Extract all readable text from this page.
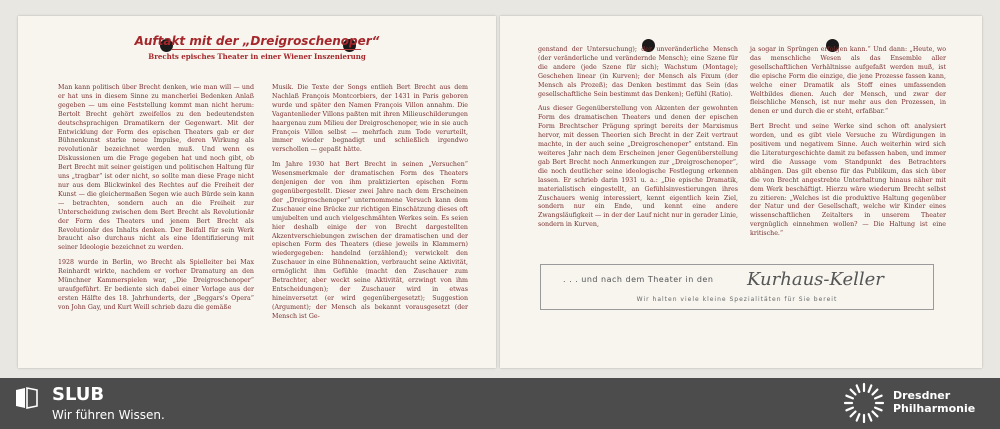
Auftakt mit der „Dreigroschenoper“
Brechts episches Theater in einer Wiener Inszenierung

Man kann politisch über Brecht denken, wie man will — und er hat uns in diesem Sinne zu mancherlei Bedenken Anlaß gegeben — um eine Feststellung kommt man nicht herum: Bertolt Brecht gehört zweifellos zu den bedeutendsten deutschsprachigen Dramatikern der Gegenwart. Mit der Entwicklung der Form des epischen Theaters gab er der Bühnenkunst starke neue Impulse, deren Wirkung als revolutionär bezeichnet werden muß. Und wenn es Diskussionen um die Frage gegeben hat und noch gibt, ob Bert Brecht mit seiner geistigen und politischen Haltung für uns „tragbar“ ist oder nicht, so sollte man diese Frage nicht nur aus dem Blickwinkel des Rechtes auf die Freiheit der Kunst — die gleichermaßen Segen wie auch Bürde sein kann — betrachten, sondern auch an die Freiheit zur Unterscheidung zwischen dem Bert Brecht als Revolutionär der Form des Theaters und jenem Bert Brecht als Revolutionär des Inhalts denken. Der Beifall für sein Werk braucht also durchaus nicht als eine Identifizierung mit seiner Ideologie bezeichnet zu werden.

1928 wurde in Berlin, wo Brecht als Spielleiter bei Max Reinhardt wirkte, nachdem er vorher Dramaturg an den Münchner Kammerspielen war, „Die Dreigroschenoper“ uraufgeführt. Er bediente sich dabei einer Vorlage aus der ersten Hälfte des 18. Jahrhunderts, der „Beggars's Opera“ von John Gay, und Kurt Weill schrieb dazu die gemäße

Musik. Die Texte der Songs entlieh Bert Brecht aus dem Nachlaß François Montcorbiers, der 1431 in Paris geboren wurde und später den Namen François Villon annahm. Die Vagantenlieder Villons paßten mit ihren Milieuschilderungen haargenau zum Milieu der Dreigroschenoper, wie in sie auch François Villon selbst — mehrfach zum Tode verurteilt, immer wieder begnadigt und schließlich irgendwo verschollen — gepaßt hätte.

Im Jahre 1930 hat Bert Brecht in seinen „Versuchen“ Wesensmerkmale der dramatischen Form des Theaters denjenigen der von ihm praktizierten epischen Form gegenübergestellt. Dieser zwei Jahre nach dem Erscheinen der „Dreigroschenoper“ unternommene Versuch kann dem Zuschauer eine Brücke zur richtigen Einschätzung dieses oft umjubelten und auch vielgeschmähten Werkes sein. Es seien hier deshalb einige der von Brecht dargestellten Akzentverschiebungen zwischen der dramatischen und der epischen Form des Theaters (diese jeweils in Klammern) wiedergegeben: handelnd (erzählend); verwickelt den Zuschauer in eine Bühnenaktion, verbraucht seine Aktivität, ermöglicht ihm Gefühle (macht den Zuschauer zum Betrachter, aber weckt seine Aktivität, erzwingt von ihm Entscheidungen); der Zuschauer wird in etwas hineinversetzt (er wird gegenübergesetzt); Suggestion (Argument); der Mensch als bekannt vorausgesetzt (der Mensch ist Ge-

genstand der Untersuchung); der unveränderliche Mensch (der veränderliche und verändernde Mensch); eine Szene für die andere (jede Szene für sich); Wachstum (Montage); Geschehen linear (in Kurven); der Mensch als Fixum (der Mensch als Prozeß); das Denken bestimmt das Sein (das gesellschaftliche Sein bestimmt das Denken); Gefühl (Ratio).

Aus dieser Gegenüberstellung von Akzenten der gewohnten Form des dramatischen Theaters und denen der epischen Form Brechtscher Prägung springt bereits der Marxismus hervor, mit dessen Theorien sich Brecht in der Zeit vertraut machte, in der auch seine „Dreigroschenoper“ entstand. Ein weiteres Jahr nach dem Erscheinen jener Gegenüberstellung gab Bert Brecht noch Anmerkungen zur „Dreigroschenoper“, die noch deutlicher seine ideologische Festlegung erkennen lassen. Er schrieb darin 1931 u. a.: „Die epische Dramatik, materialistisch eingestellt, an Gefühlsinvestierungen ihres Zuschauers wenig interessiert, kennt eigentlich kein Ziel, sondern nur ein Ende, und kennt eine andere Zwangsläufigkeit — in der der Lauf nicht nur in gerader Linie, sondern in Kurven,

ja sogar in Sprüngen erfolgen kann.“ Und dann: „Heute, wo das menschliche Wesen als das Ensemble aller gesellschaftlichen Verhältnisse aufgefaßt werden muß, ist die epische Form die einzige, die jene Prozesse fassen kann, welche einer Dramatik als Stoff eines umfassenden Weltbildes dienen. Auch der Mensch, und zwar der fleischliche Mensch, ist nur mehr aus den Prozessen, in denen er und durch die er steht, erfaßbar.“

Bert Brecht und seine Werke sind schon oft analysiert worden, und es gibt viele Versuche zu Würdigungen in positivem und negativem Sinne. Auch weiterhin wird sich die Literaturgeschichte damit zu befassen haben, und immer wird die Aussage vom Standpunkt des Betrachters abhängen. Das gilt ebenso für das Publikum, das sich über die von Brecht angestrebte Unterhaltung hinaus näher mit dem Werk beschäftigt. Hierzu wäre wiederum Brecht selbst zu zitieren: „Welches ist die produktive Haltung gegenüber der Natur und der Gesellschaft, welche wir Kinder eines wissenschaftlichen Zeitalters in unserem Theater vergnüglich einnehmen wollen? — Die Haltung ist eine kritische.“

. . . und nach dem Theater in den Kurhaus-Keller
Wir halten viele kleine Spezialitäten für Sie bereit
SLUB
Wir führen Wissen.
Dresdner
Philharmonie
